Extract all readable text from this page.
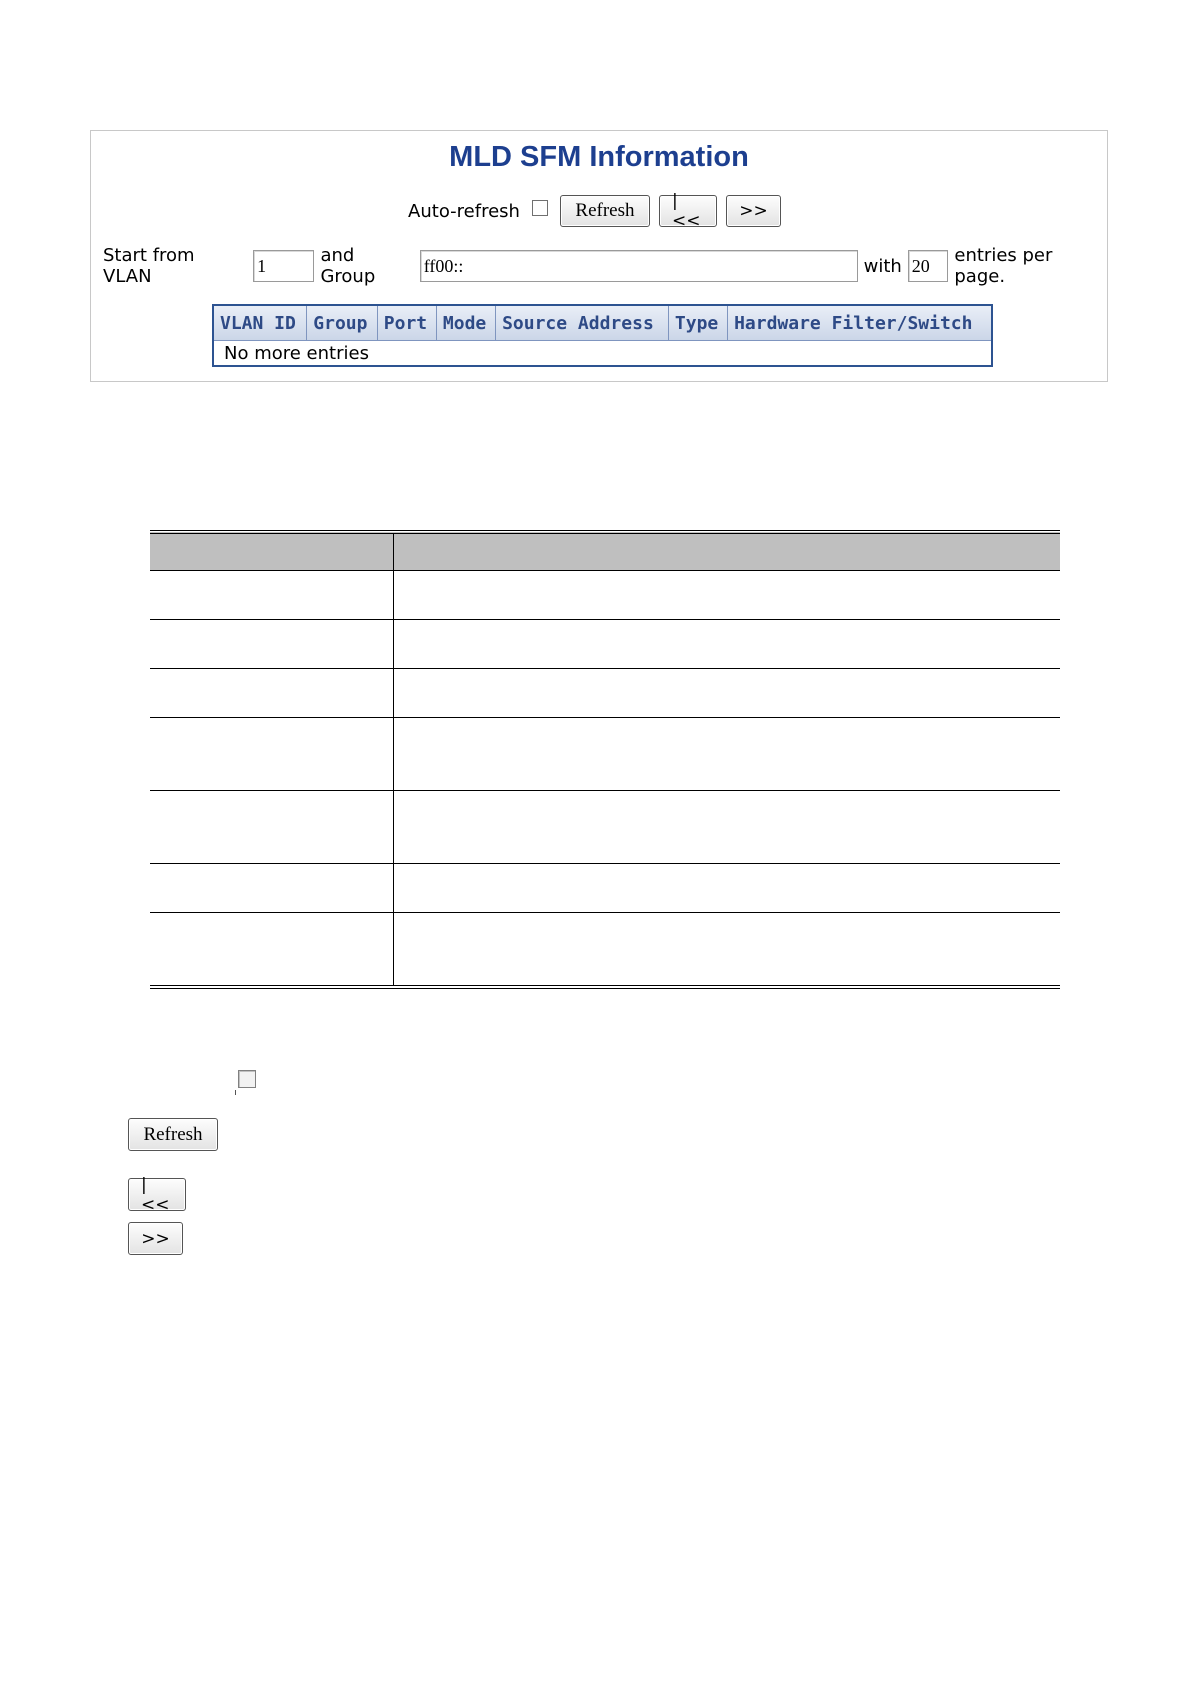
MLD SFM Information
Auto-refresh	Refresh	|<<	>>
Start from VLAN
1	and Group
ff00::	with 20	entries per page.
VLAN ID	Group	Port	Mode	Source Address	Type	Hardware Filter/Switch
No more entries

Refresh
|<<
>>
